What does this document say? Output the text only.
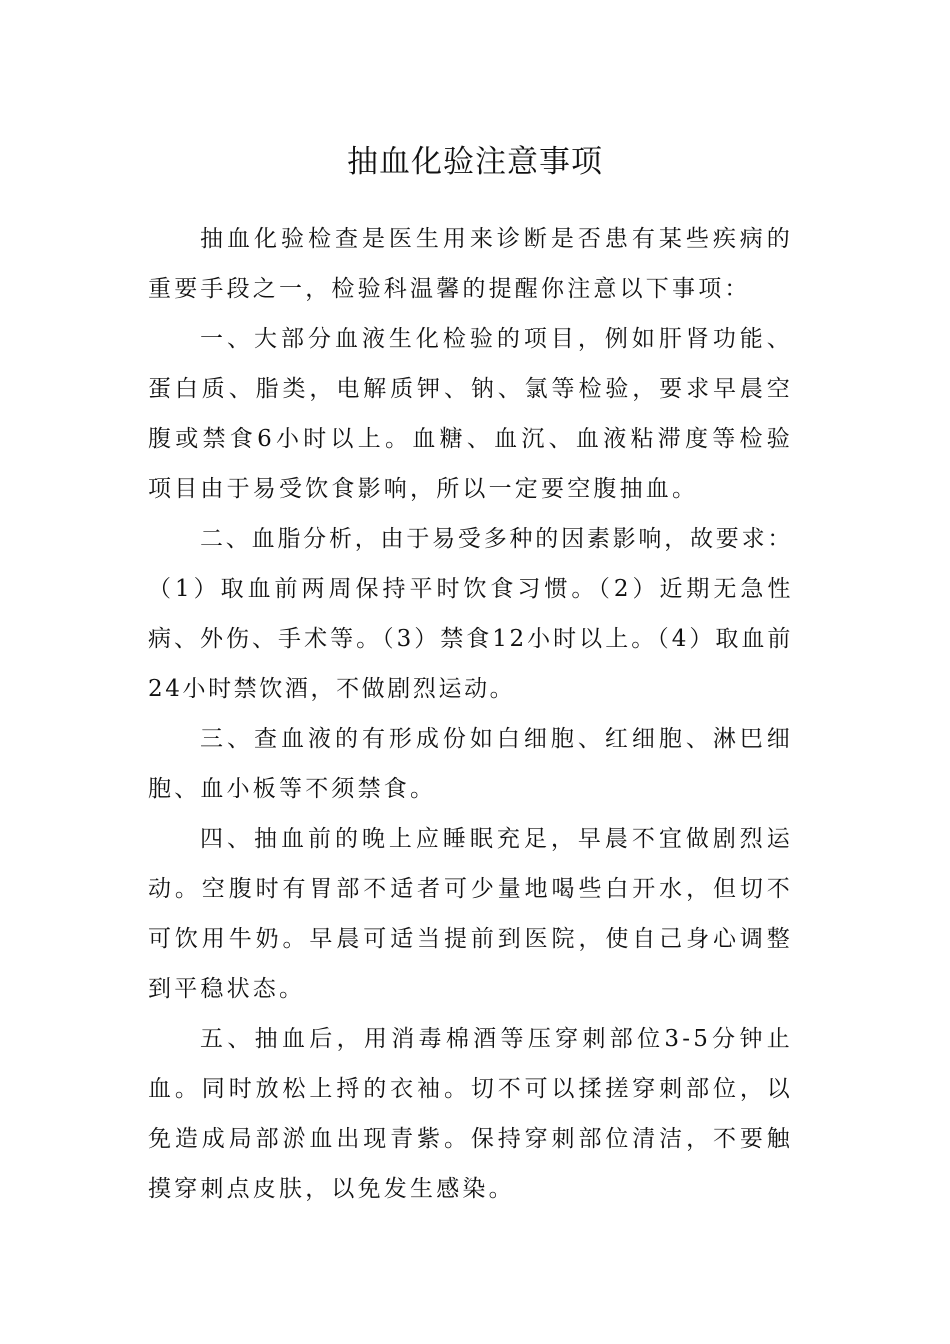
抽血化验注意事项

抽血化验检查是医生用来诊断是否患有某些疾病的重要手段之一，检验科温馨的提醒你注意以下事项：

一、大部分血液生化检验的项目，例如肝肾功能、蛋白质、脂类，电解质钾、钠、氯等检验，要求早晨空腹或禁食6小时以上。血糖、血沉、血液粘滞度等检验项目由于易受饮食影响，所以一定要空腹抽血。

二、血脂分析，由于易受多种的因素影响，故要求：（1）取血前两周保持平时饮食习惯。（2）近期无急性病、外伤、手术等。（3）禁食12小时以上。（4）取血前24小时禁饮酒，不做剧烈运动。

三、查血液的有形成份如白细胞、红细胞、淋巴细胞、血小板等不须禁食。

四、抽血前的晚上应睡眠充足，早晨不宜做剧烈运动。空腹时有胃部不适者可少量地喝些白开水，但切不可饮用牛奶。早晨可适当提前到医院，使自己身心调整到平稳状态。

五、抽血后，用消毒棉酒等压穿刺部位3-5分钟止血。同时放松上捋的衣袖。切不可以揉搓穿刺部位，以免造成局部淤血出现青紫。保持穿刺部位清洁，不要触摸穿刺点皮肤，以免发生感染。
